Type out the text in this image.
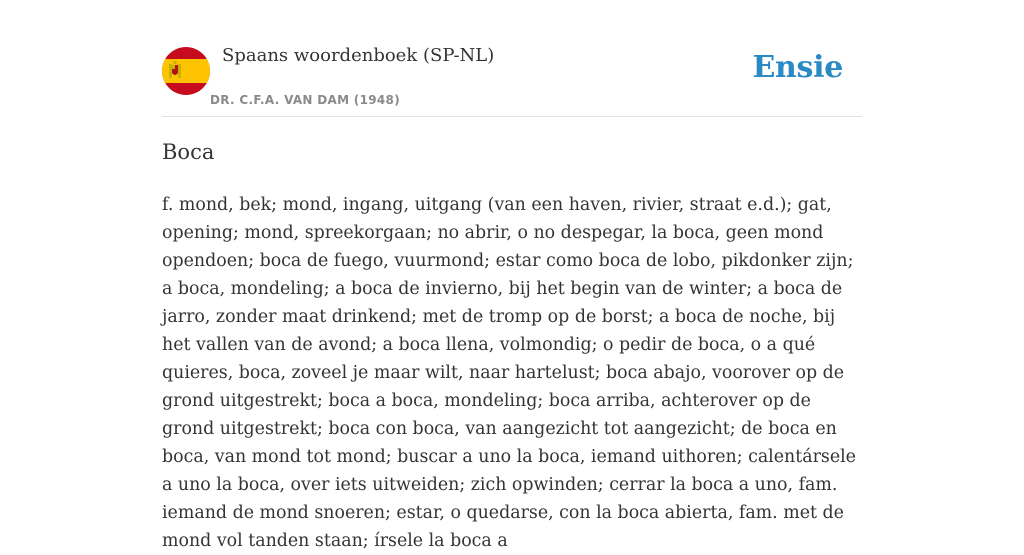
Spaans woordenboek (SP-NL)
DR. C.F.A. VAN DAM (1948)
Ensie
Boca

f. mond, bek; mond, ingang, uitgang (van een haven, rivier, straat e.d.); gat, opening; mond, spreekorgaan; no abrir, o no despegar, la boca, geen mond opendoen; boca de fuego, vuurmond; estar como boca de lobo, pikdonker zijn; a boca, mondeling; a boca de invierno, bij het begin van de winter; a boca de jarro, zonder maat drinkend; met de tromp op de borst; a boca de noche, bij het vallen van de avond; a boca llena, volmondig; o pedir de boca, o a qué quieres, boca, zoveel je maar wilt, naar hartelust; boca abajo, voorover op de grond uitgestrekt; boca a boca, mondeling; boca arriba, achterover op de grond uitgestrekt; boca con boca, van aangezicht tot aangezicht; de boca en boca, van mond tot mond; buscar a uno la boca, iemand uithoren; calentársele a uno la boca, over iets uitweiden; zich opwinden; cerrar la boca a uno, fam. iemand de mond snoeren; estar, o quedarse, con la boca abierta, fam. met de mond vol tanden staan; írsele la boca a
